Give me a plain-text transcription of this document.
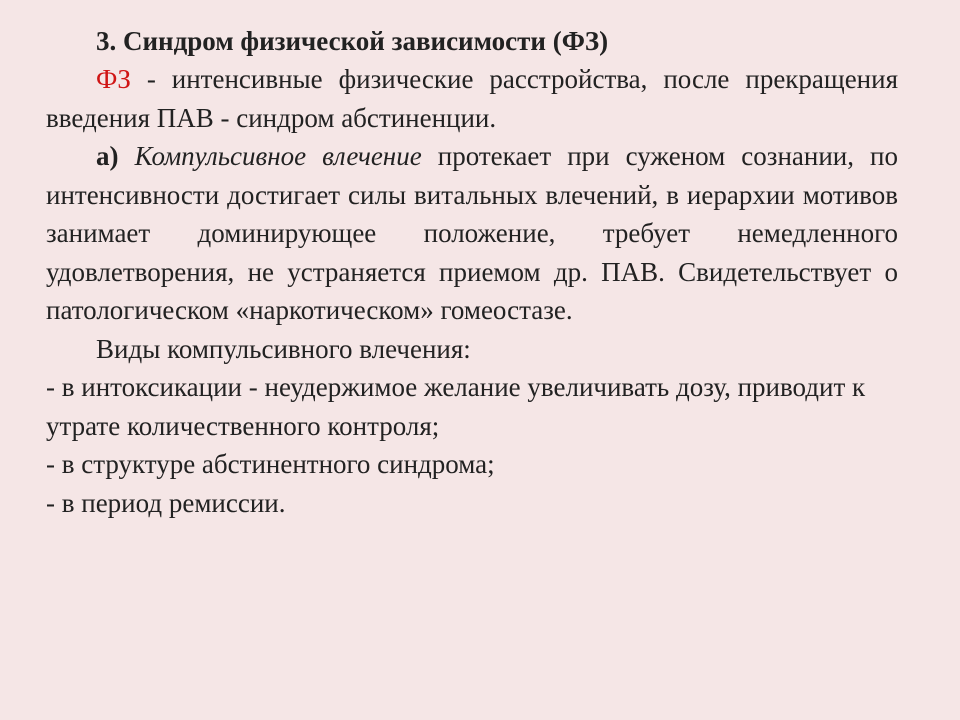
3. Синдром физической зависимости (ФЗ)

ФЗ - интенсивные физические расстройства, после прекращения введения ПАВ - синдром абстиненции.

а) Компульсивное влечение протекает при суженом сознании, по интенсивности достигает силы витальных влечений, в иерархии мотивов занимает доминирующее положение, требует немедленного удовлетворения, не устраняется приемом др. ПАВ. Свидетельствует о патологическом «наркотическом» гомеостазе.

Виды компульсивного влечения:

- в интоксикации - неудержимое желание увеличивать дозу, приводит к утрате количественного контроля;

- в структуре абстинентного синдрома;

- в период ремиссии.
